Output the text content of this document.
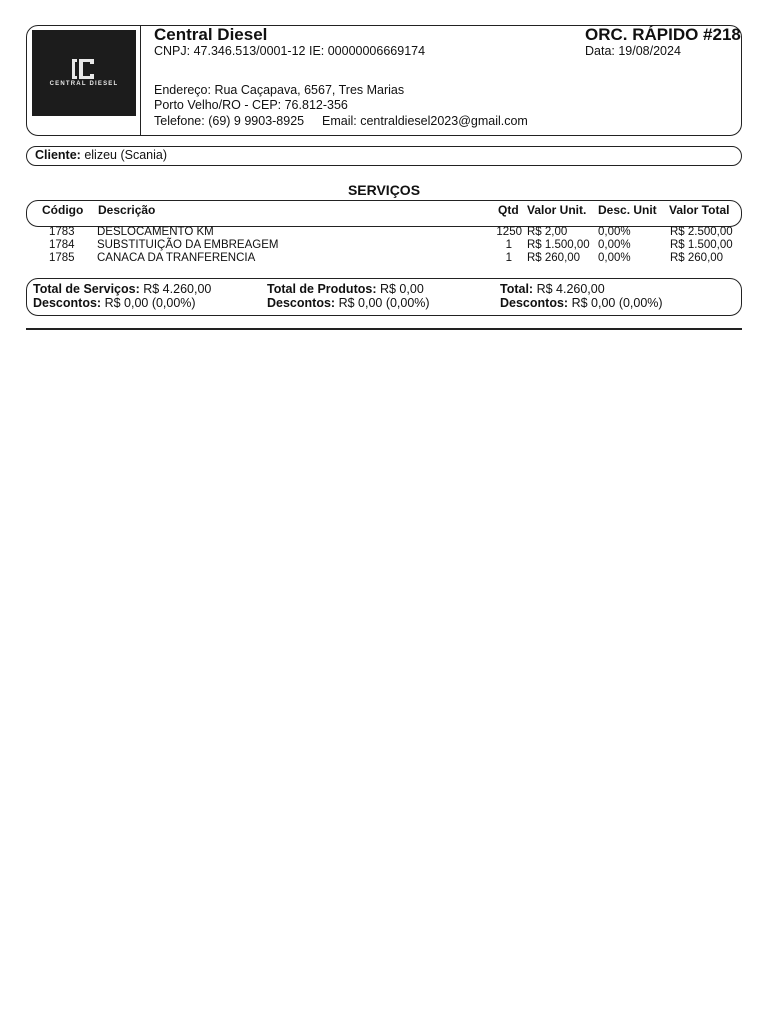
CENTRAL DIESEL
Central Diesel
CNPJ: 47.346.513/0001-12 IE: 00000006669174
Endereço: Rua Caçapava, 6567, Tres Marias
Porto Velho/RO - CEP: 76.812-356
Telefone: (69) 9 9903-8925 Email: centraldiesel2023@gmail.com
ORC. RÁPIDO #218
Data: 19/08/2024
Cliente: elizeu (Scania)
SERVIÇOS
Código Descrição	Qtd Valor Unit. Desc. Unit Valor Total
1783 DESLOCAMENTO KM	1250 R$ 2,00	0,00%	R$ 2.500,00
1784 SUBSTITUIÇÃO DA EMBREAGEM	1 R$ 1.500,00 0,00%	R$ 1.500,00
1785 CANACA DA TRANFERENCIA	1 R$ 260,00 0,00%	R$ 260,00
Total de Serviços: R$ 4.260,00
Descontos: R$ 0,00 (0,00%)
Total de Produtos: R$ 0,00
Descontos: R$ 0,00 (0,00%)
Total: R$ 4.260,00
Descontos: R$ 0,00 (0,00%)
